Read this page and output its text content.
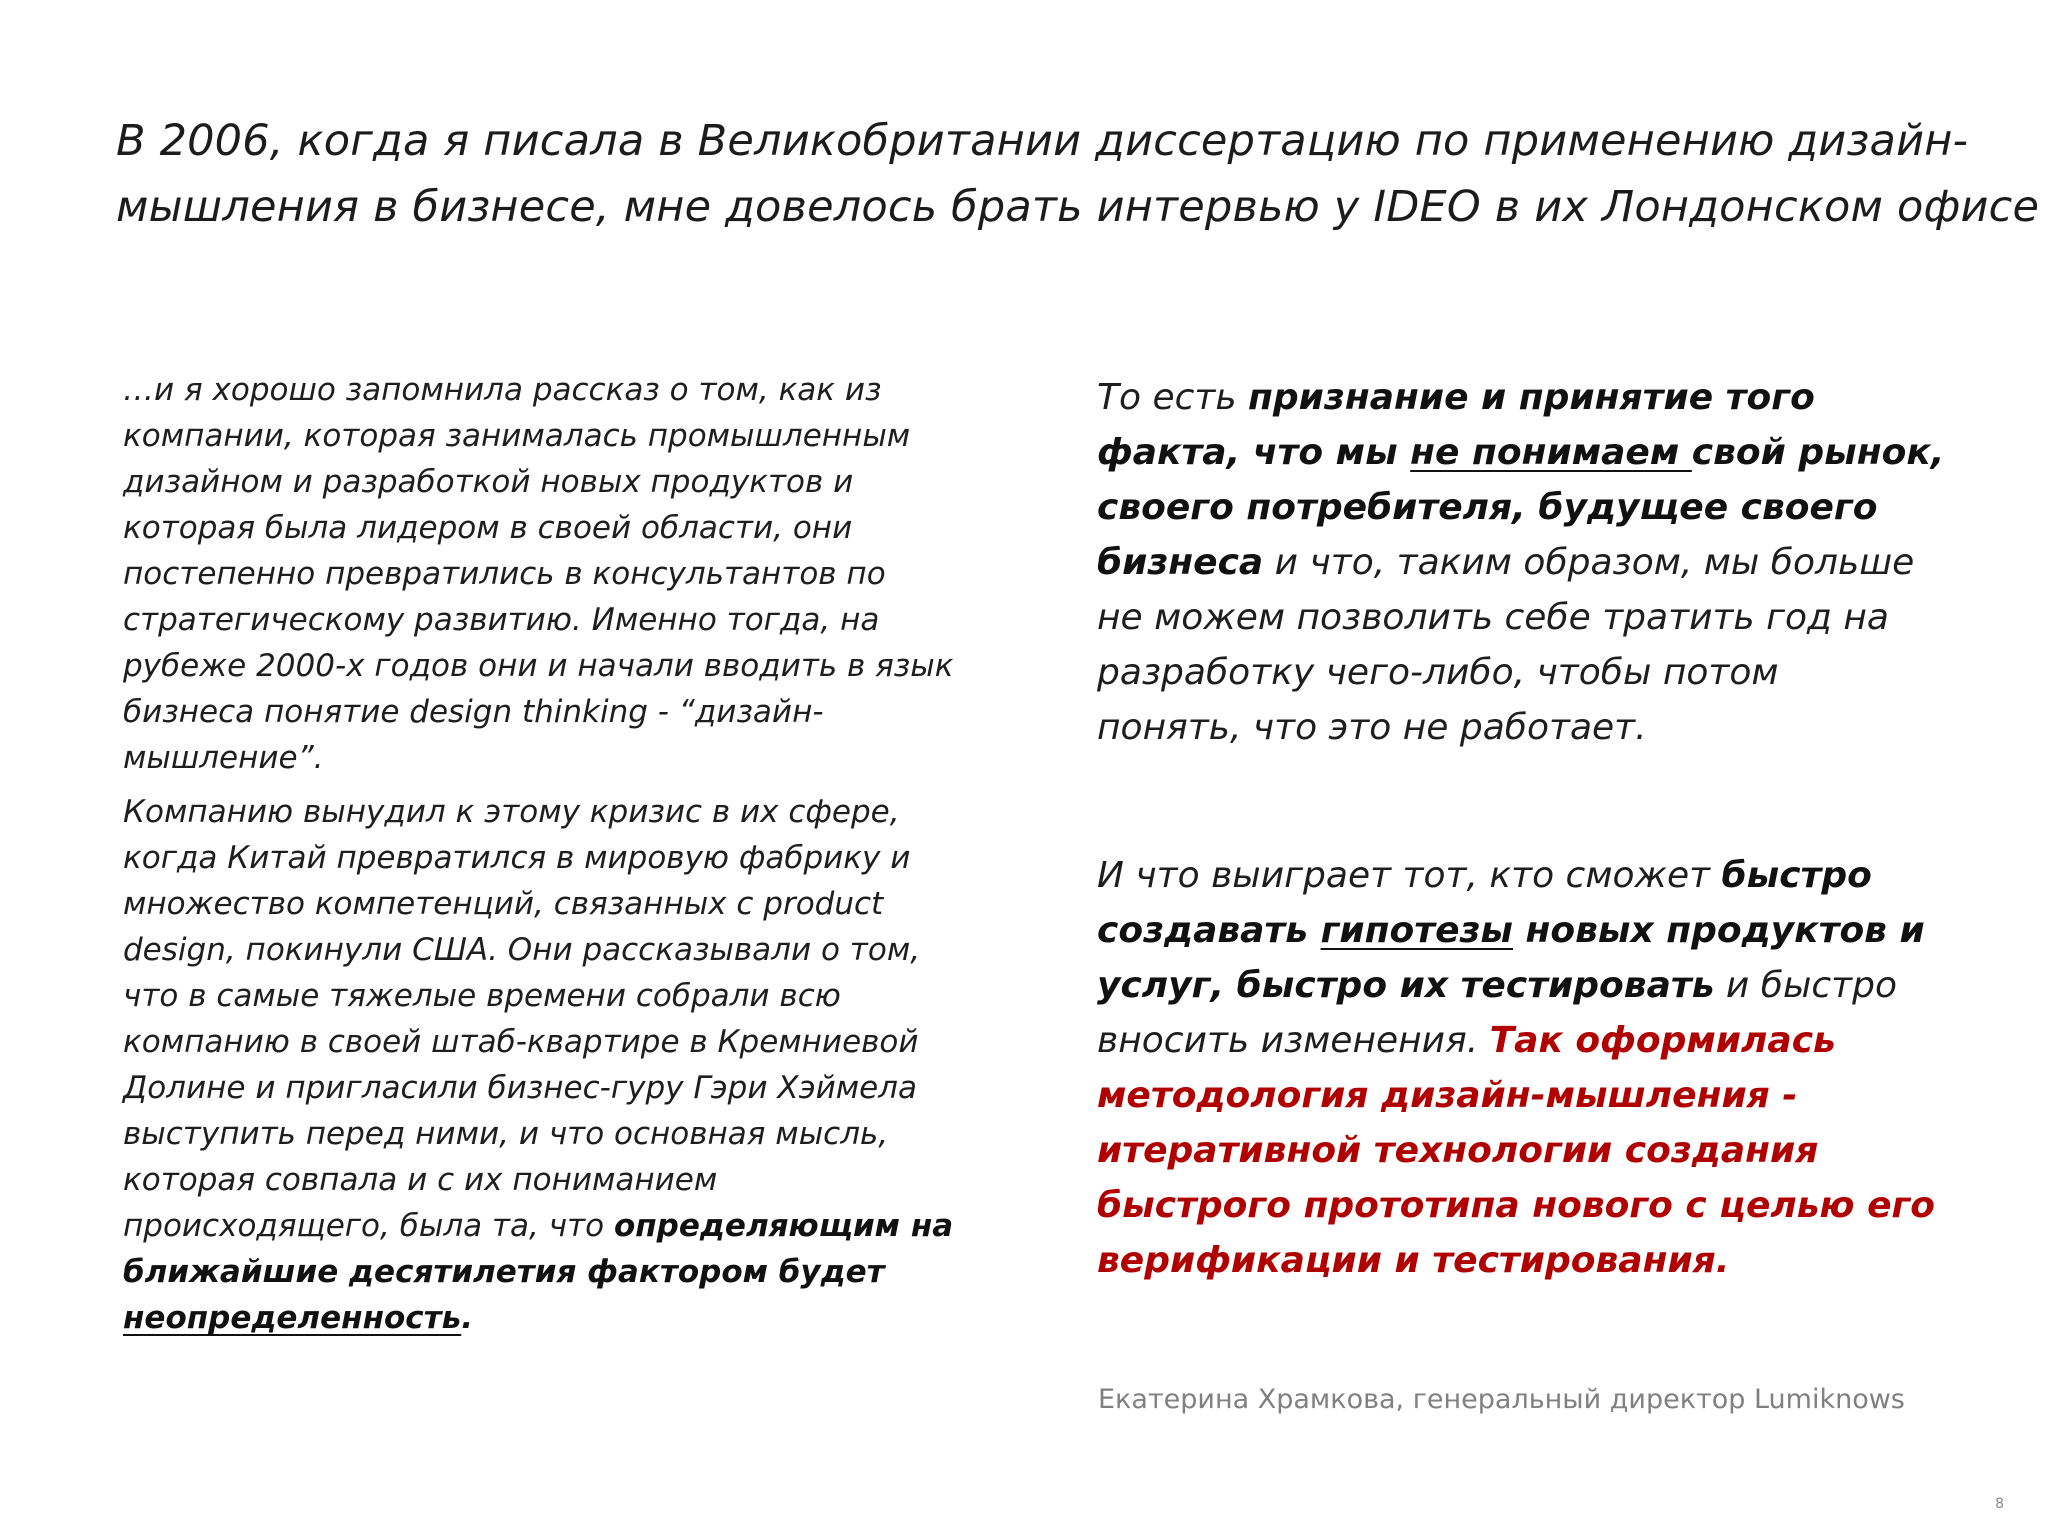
В 2006, когда я писала в Великобритании диссертацию по применению дизайн-
мышления в бизнесе, мне довелось брать интервью у IDEO в их Лондонском офисе

…и я хорошо запомнила рассказ о том, как из
компании, которая занималась промышленным
дизайном и разработкой новых продуктов и
которая была лидером в своей области, они
постепенно превратились в консультантов по
стратегическому развитию. Именно тогда, на
рубеже 2000-х годов они и начали вводить в язык
бизнеса понятие design thinking - “дизайн-
мышление”.

Компанию вынудил к этому кризис в их сфере,
когда Китай превратился в мировую фабрику и
множество компетенций, связанных с product
design, покинули США. Они рассказывали о том,
что в самые тяжелые времени собрали всю
компанию в своей штаб-квартире в Кремниевой
Долине и пригласили бизнес-гуру Гэри Хэймела
выступить перед ними, и что основная мысль,
которая совпала и с их пониманием
происходящего, была та, что определяющим на
ближайшие десятилетия фактором будет
неопределенность.

То есть признание и принятие того
факта, что мы не понимаем свой рынок,
своего потребителя, будущее своего
бизнеса и что, таким образом, мы больше
не можем позволить себе тратить год на
разработку чего-либо, чтобы потом
понять, что это не работает.
И что выиграет тот, кто сможет быстро
создавать гипотезы новых продуктов и
услуг, быстро их тестировать и быстро
вносить изменения. Так оформилась
методология дизайн-мышления -
итеративной технологии создания
быстрого прототипа нового с целью его
верификации и тестирования.
Екатерина Храмкова, генеральный директор Lumiknows
8
